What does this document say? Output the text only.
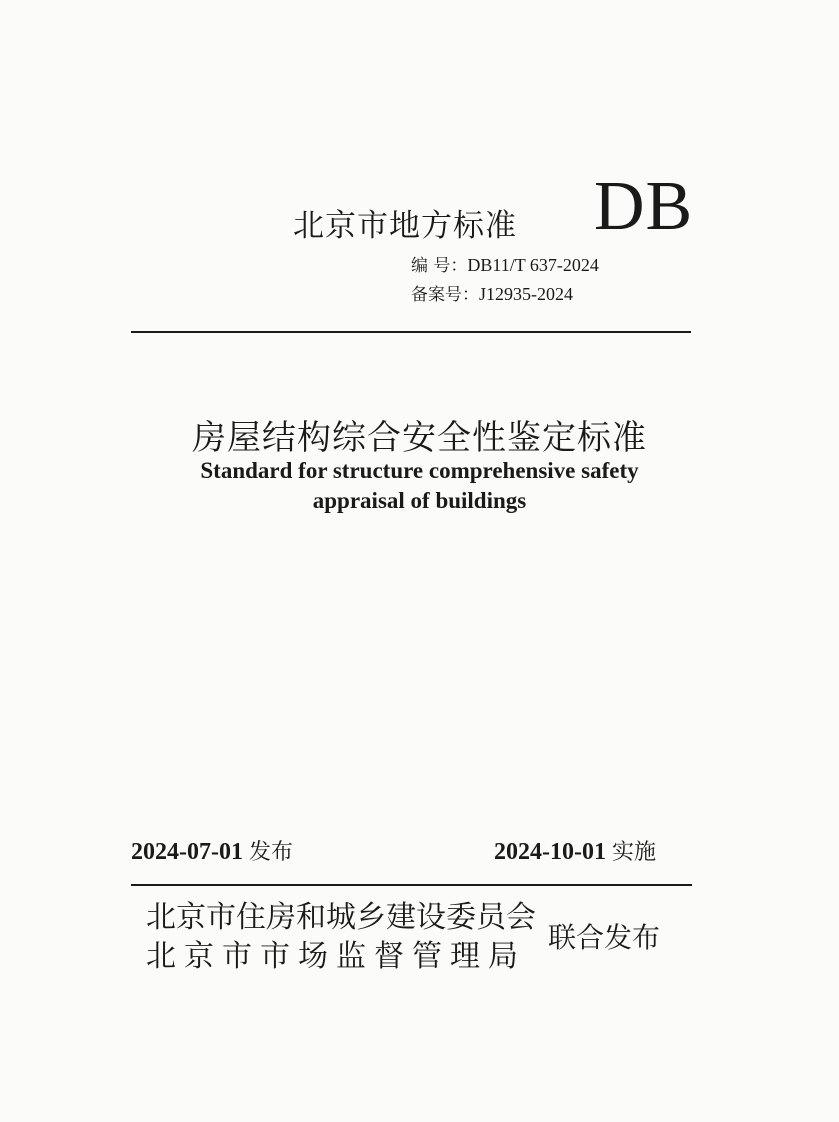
北京市地方标准 DB
编 号：DB11/T 637-2024
备案号：J12935-2024
房屋结构综合安全性鉴定标准
Standard for structure comprehensive safety
appraisal of buildings
2024-07-01 发布	2024-10-01 实施
北京市住房和城乡建设委员会
北京市市场监督管理局
联合发布
